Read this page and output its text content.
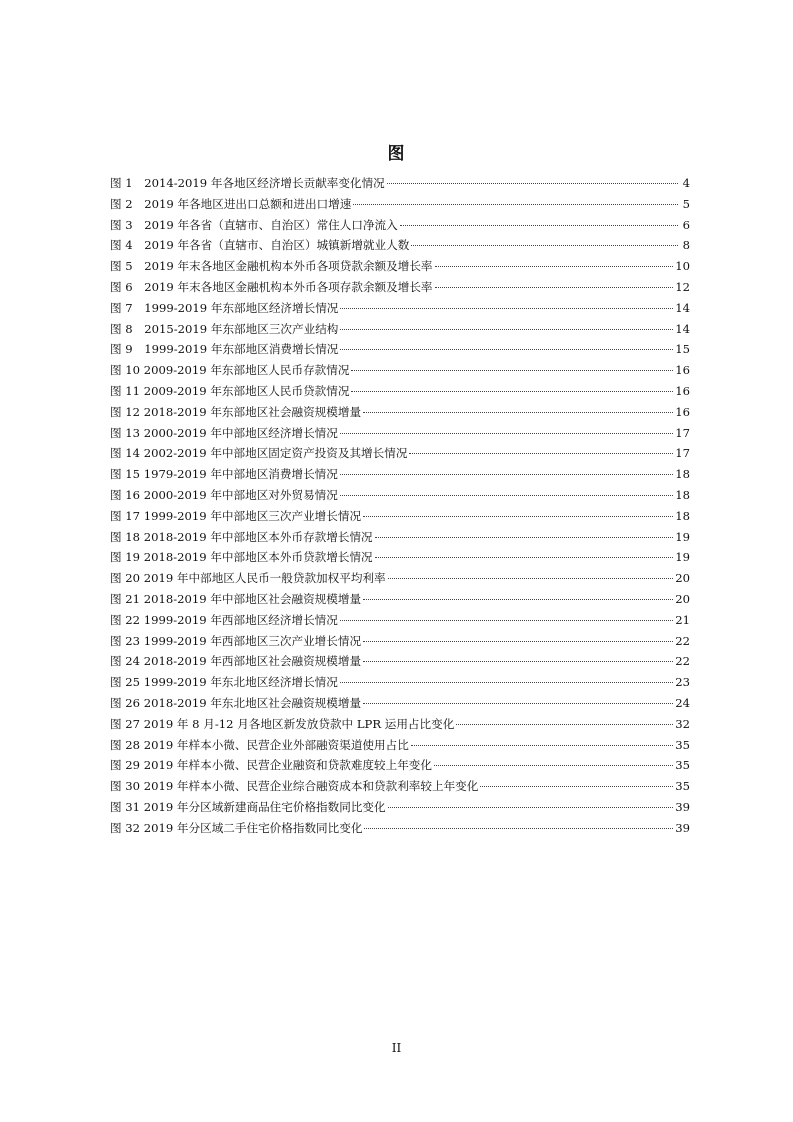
图
图 1　2014-2019 年各地区经济增长贡献率变化情况	4
图 2　2019 年各地区进出口总额和进出口增速	5
图 3　2019 年各省（直辖市、自治区）常住人口净流入	6
图 4　2019 年各省（直辖市、自治区）城镇新增就业人数	8
图 5　2019 年末各地区金融机构本外币各项贷款余额及增长率	10
图 6　2019 年末各地区金融机构本外币各项存款余额及增长率	12
图 7　1999-2019 年东部地区经济增长情况	14
图 8　2015-2019 年东部地区三次产业结构	14
图 9　1999-2019 年东部地区消费增长情况	15
图 10 2009-2019 年东部地区人民币存款情况	16
图 11 2009-2019 年东部地区人民币贷款情况	16
图 12 2018-2019 年东部地区社会融资规模增量	16
图 13 2000-2019 年中部地区经济增长情况	17
图 14 2002-2019 年中部地区固定资产投资及其增长情况	17
图 15 1979-2019 年中部地区消费增长情况	18
图 16 2000-2019 年中部地区对外贸易情况	18
图 17 1999-2019 年中部地区三次产业增长情况	18
图 18 2018-2019 年中部地区本外币存款增长情况	19
图 19 2018-2019 年中部地区本外币贷款增长情况	19
图 20 2019 年中部地区人民币一般贷款加权平均利率	20
图 21 2018-2019 年中部地区社会融资规模增量	20
图 22 1999-2019 年西部地区经济增长情况	21
图 23 1999-2019 年西部地区三次产业增长情况	22
图 24 2018-2019 年西部地区社会融资规模增量	22
图 25 1999-2019 年东北地区经济增长情况	23
图 26 2018-2019 年东北地区社会融资规模增量	24
图 27 2019 年 8 月-12 月各地区新发放贷款中 LPR 运用占比变化	32
图 28 2019 年样本小微、民营企业外部融资渠道使用占比	35
图 29 2019 年样本小微、民营企业融资和贷款难度较上年变化	35
图 30 2019 年样本小微、民营企业综合融资成本和贷款利率较上年变化	35
图 31 2019 年分区域新建商品住宅价格指数同比变化	39
图 32 2019 年分区域二手住宅价格指数同比变化	39
II
